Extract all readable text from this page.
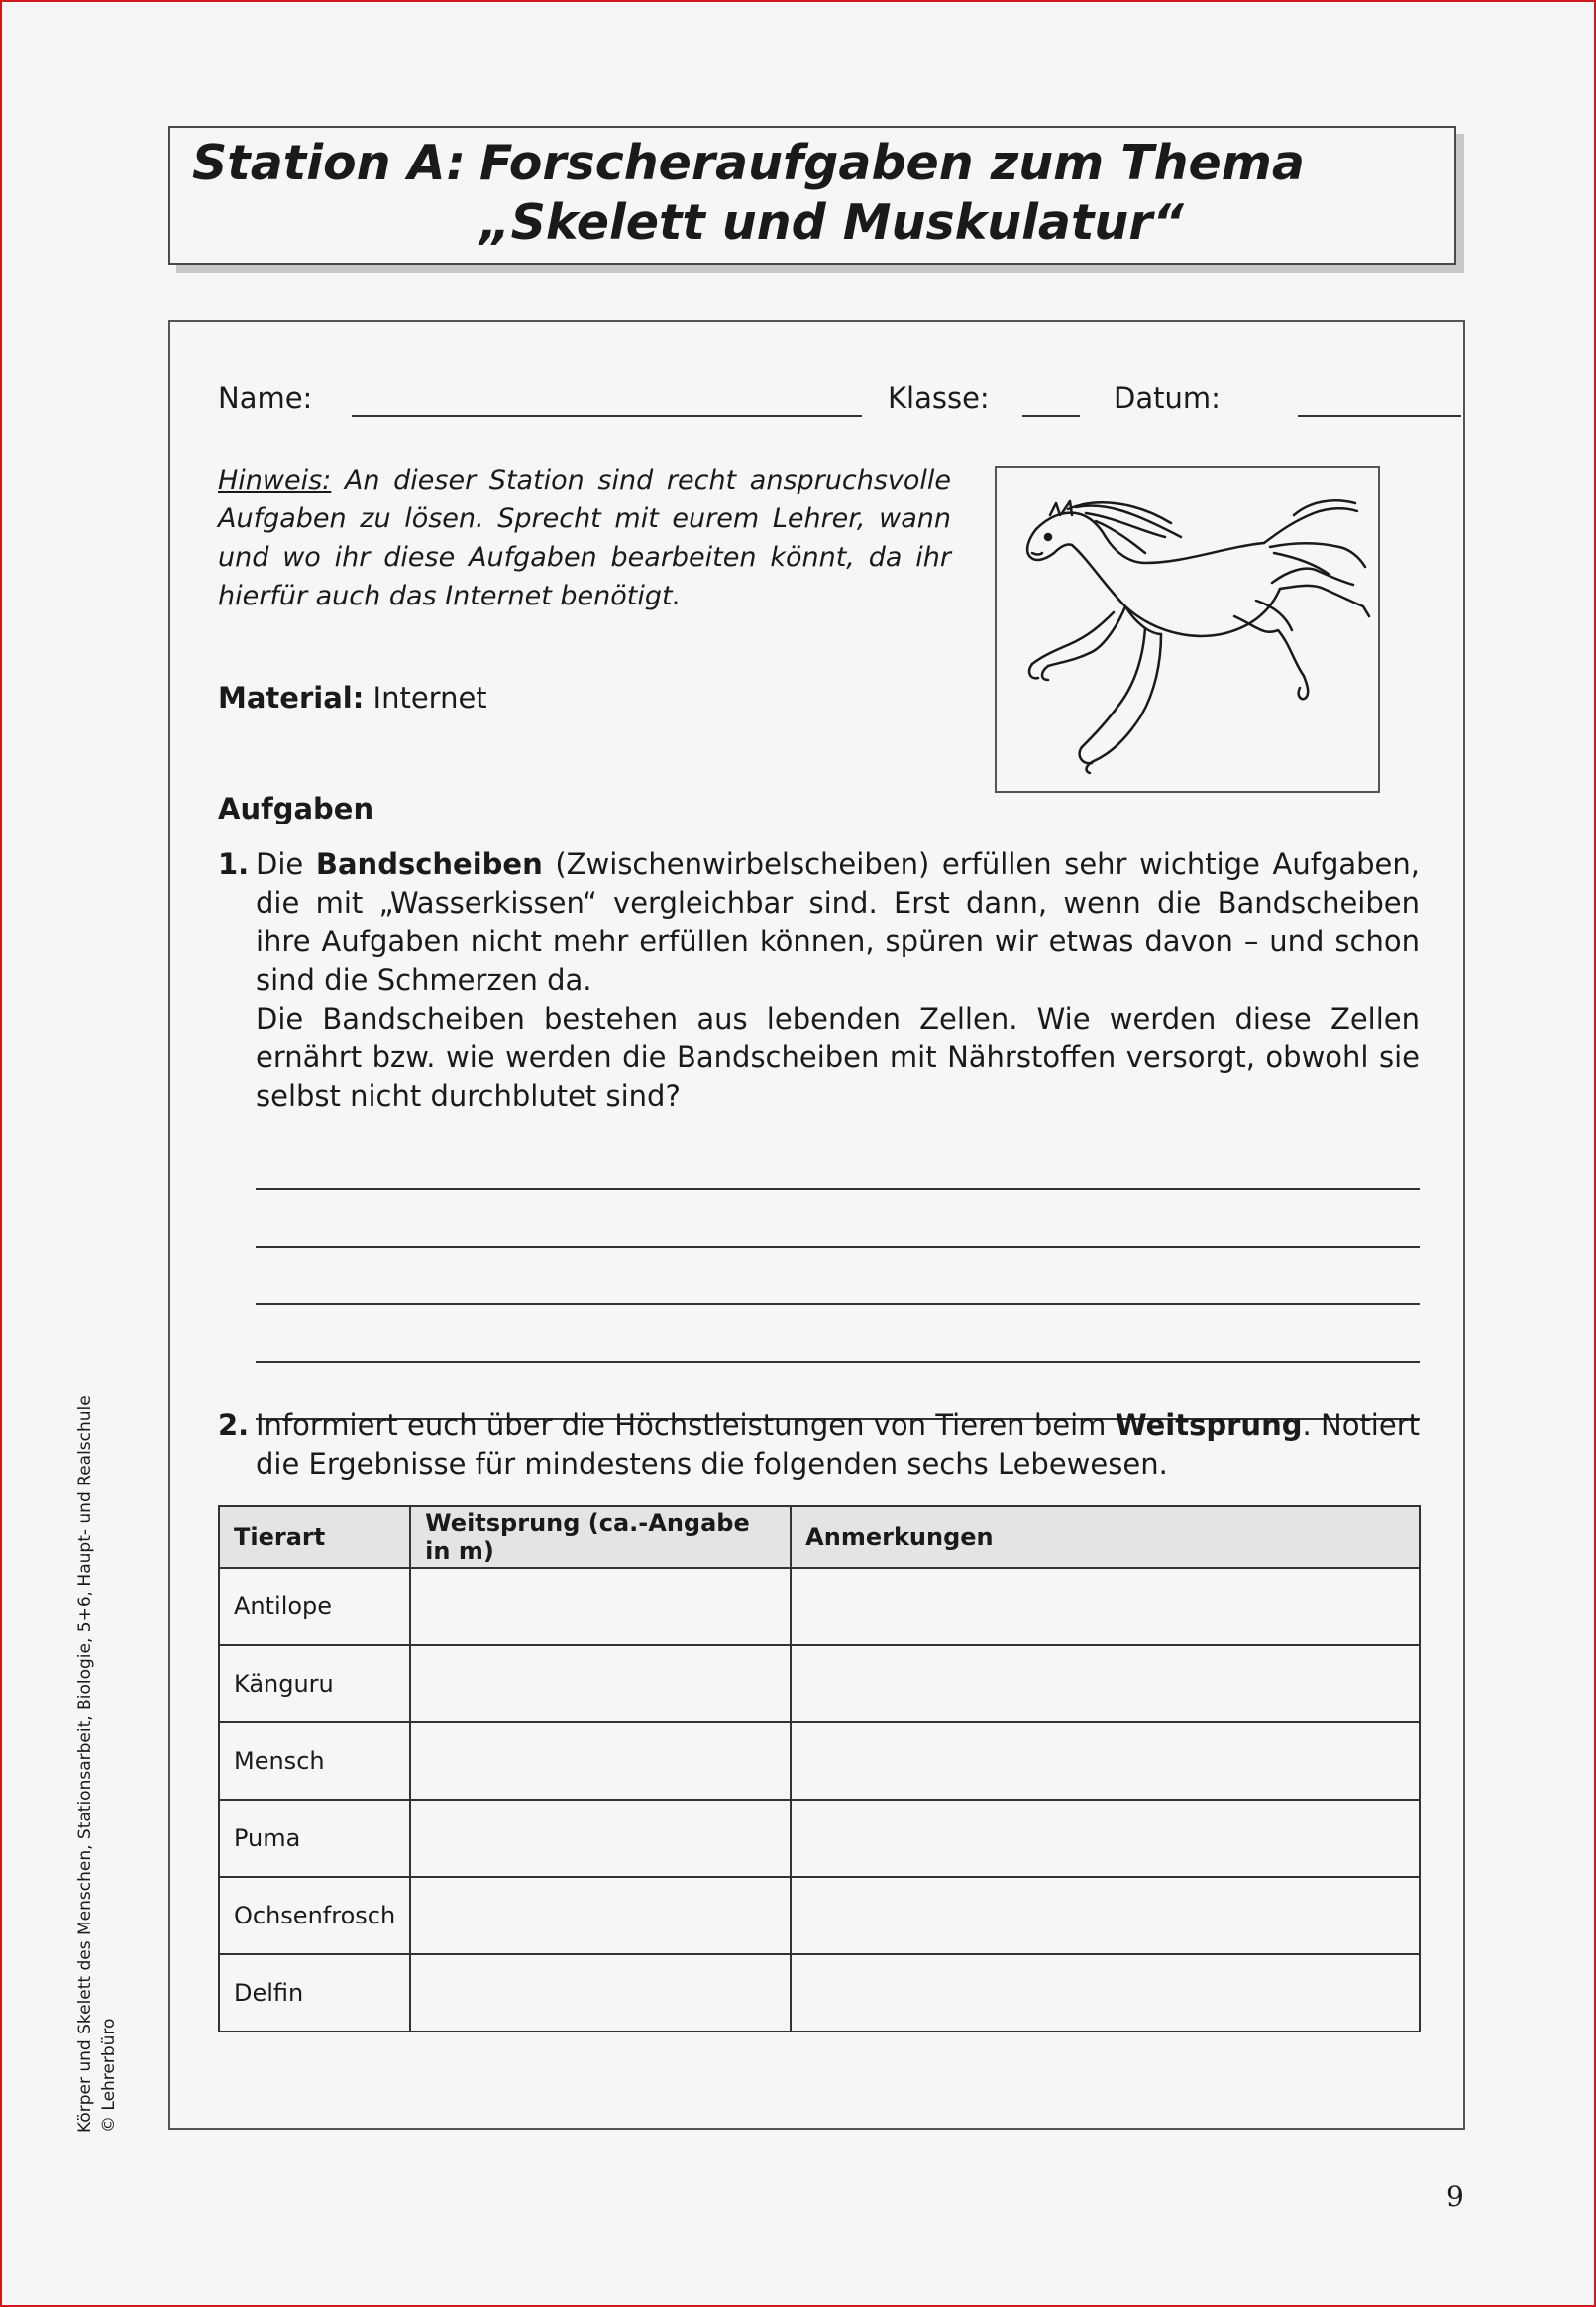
Station A: Forscheraufgaben zum Thema „Skelett und Muskulatur“
Name:	Klasse:	Datum:
Hinweis: An dieser Station sind recht anspruchsvolle Aufgaben zu lösen. Sprecht mit eurem Lehrer, wann und wo ihr diese Aufgaben bearbeiten könnt, da ihr hierfür auch das Internet benötigt.
Material: Internet
Aufgaben
1. Die Bandscheiben (Zwischenwirbelscheiben) erfüllen sehr wichtige Aufgaben, die mit „Wasserkissen“ vergleichbar sind. Erst dann, wenn die Bandscheiben ihre Aufgaben nicht mehr erfüllen können, spüren wir etwas davon – und schon sind die Schmerzen da.
Die Bandscheiben bestehen aus lebenden Zellen. Wie werden diese Zellen ernährt bzw. wie werden die Bandscheiben mit Nährstoffen versorgt, obwohl sie selbst nicht durchblutet sind?
2. Informiert euch über die Höchstleistungen von Tieren beim Weitsprung. Notiert die Ergebnisse für mindestens die folgenden sechs Lebewesen.
Tierart	Weitsprung (ca.-Angabe in m)	Anmerkungen
Antilope		
Känguru		
Mensch		
Puma		
Ochsenfrosch		
Delfin		
Körper und Skelett des Menschen, Stationsarbeit, Biologie, 5+6, Haupt- und Realschule © Lehrerbüro
9
